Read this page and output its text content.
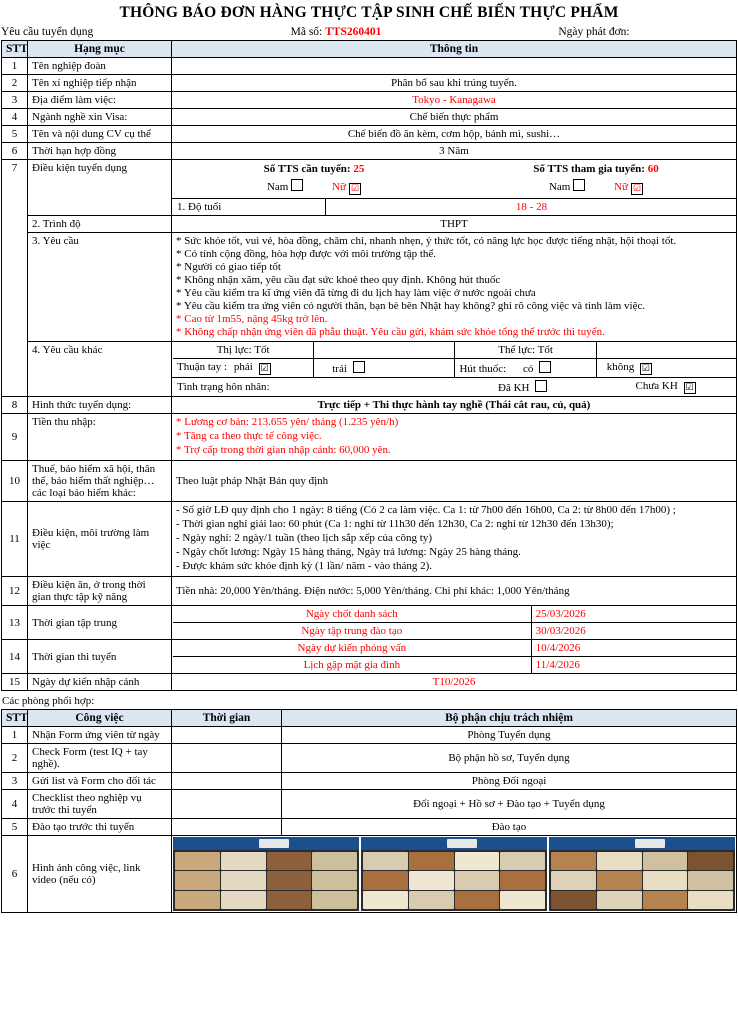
THÔNG BÁO ĐƠN HÀNG THỰC TẬP SINH CHẾ BIẾN THỰC PHẨM
Yêu cầu tuyển dụng	Mã số: TTS260401	Ngày phát đơn:
STT	Hạng mục	Thông tin
1	Tên nghiệp đoàn	
2	Tên xí nghiệp tiếp nhận	Phân bổ sau khi trúng tuyển.
3	Địa điểm làm việc:	Tokyo - Kanagawa
4	Ngành nghề xin Visa:	Chế biến thực phẩm
5	Tên và nội dung CV cụ thể	Chế biến đồ ăn kèm, cơm hộp, bánh mì, sushi…
6	Thời hạn hợp đồng	3 Năm
7	Điều kiện tuyển dụng		Số TTS cần tuyển: 25	Số TTS tham gia tuyển: 60
Nam	Nữ ☑	Nam	Nữ ☑

1. Độ tuổi	18 - 28

2. Trình độ	THPT
3. Yêu cầu	* Sức khỏe tốt, vui vẻ, hòa đồng, chăm chỉ, nhanh nhẹn, ý thức tốt, có năng lực học được tiếng nhật, hội thoại tốt.

* Có tính cộng đồng, hòa hợp được với môi trường tập thể.

* Người có giao tiếp tốt

* Không nhận xăm, yêu cầu đạt sức khoẻ theo quy định. Không hút thuốc

* Yêu cầu kiểm tra kĩ ứng viên đã từng đi du lịch hay làm việc ở nước ngoài chưa

* Yêu cầu kiểm tra ứng viên có người thân, bạn bè bên Nhật hay không? ghi rõ công việc và tình làm việc.

* Cao từ 1m55, nặng 45kg trở lên.

* Không chấp nhận ứng viên đã phẫu thuật. Yêu cầu gửi, khám sức khỏe tổng thể trước thi tuyển.

4. Yêu cầu khác		Thị lực: Tốt		Thể lực: Tốt	
Thuận tay : phải ☑	trái	Hút thuốc: có	không ☑

Tình trạng hôn nhân:	Đã KH	Chưa KH ☑

8	Hình thức tuyển dụng:	Trực tiếp + Thi thực hành tay nghề (Thái cắt rau, củ, quả)
9	Tiền thu nhập:	* Lương cơ bản: 213.655 yên/ tháng (1.235 yên/h)

* Tăng ca theo thực tế công việc.

* Trợ cấp trong thời gian nhập cảnh: 60,000 yên.

10	Thuế, bảo hiểm xã hội, thân thể, bảo hiểm thất nghiệp… các loại bảo hiểm khác:	Theo luật pháp Nhật Bản quy định
11	Điều kiện, môi trường làm việc	

- Số giờ LĐ quy định cho 1 ngày: 8 tiếng (Có 2 ca làm việc. Ca 1: từ 7h00 đến 16h00, Ca 2: từ 8h00 đến 17h00) ;

- Thời gian nghỉ giải lao: 60 phút (Ca 1: nghỉ từ 11h30 đến 12h30, Ca 2: nghỉ từ 12h30 đến 13h30);

- Ngày nghỉ: 2 ngày/1 tuần (theo lịch sắp xếp của công ty)

- Ngày chốt lương: Ngày 15 hàng tháng, Ngày trả lương: Ngày 25 hàng tháng.

- Được khám sức khỏe định kỳ (1 lần/ năm - vào tháng 2).

12	Điều kiện ăn, ở trong thời gian thực tập kỹ năng	Tiền nhà: 20,000 Yên/tháng. Điện nước: 5,000 Yên/tháng. Chi phí khác: 1,000 Yên/tháng
13	Thời gian tập trung	
Ngày chốt danh sách	25/03/2026
Ngày tập trung đào tạo	30/03/2026

14	Thời gian thi tuyển	
Ngày dự kiến phỏng vấn	10/4/2026
Lịch gặp mặt gia đình	11/4/2026

15	Ngày dự kiến nhập cảnh	T10/2026
Các phòng phối hợp:
STT	Công việc	Thời gian	Bộ phận chịu trách nhiệm
1	Nhận Form ứng viên từ ngày		Phòng Tuyển dụng
2	Check Form (test IQ + tay nghề).		Bộ phận hồ sơ, Tuyển dụng
3	Gửi list và Form cho đối tác		Phòng Đối ngoại
4	Checklist theo nghiệp vụ trước thi tuyển		Đối ngoại + Hồ sơ + Đào tạo + Tuyển dụng
5	Đào tạo trước thi tuyển		Đào tạo
6	Hình ảnh công việc, link video (nếu có)		
